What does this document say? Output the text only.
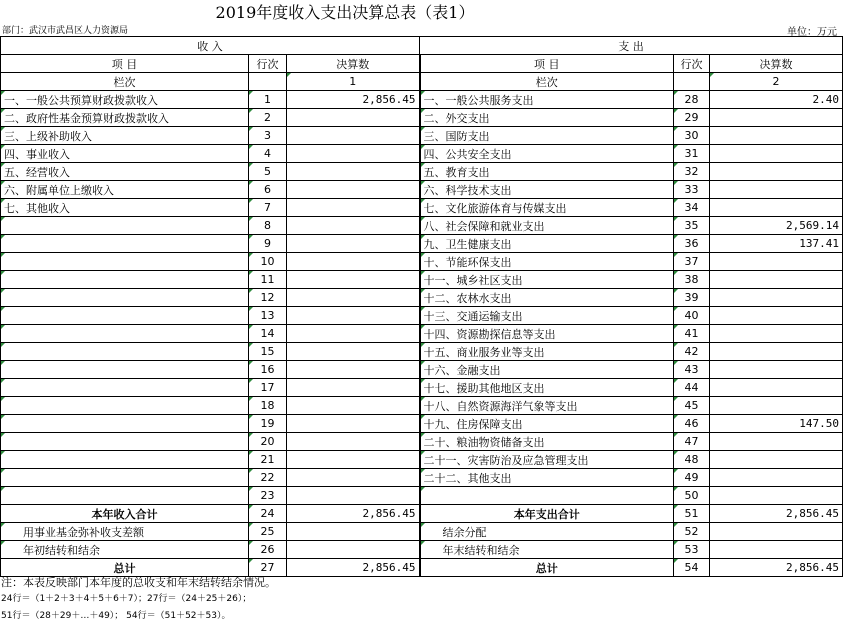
2019年度收入支出决算总表（表1）
部门：武汉市武昌区人力资源局	单位：万元
收 入			支 出		
项 目	行次	决算数	项 目	行次	决算数
栏次		1	栏次		2
一、一般公共预算财政拨款收入	1	2,856.45	一、一般公共服务支出	28	2.40
二、政府性基金预算财政拨款收入	2		二、外交支出	29	
三、上级补助收入	3		三、国防支出	30	
四、事业收入	4		四、公共安全支出	31	
五、经营收入	5		五、教育支出	32	
六、附属单位上缴收入	6		六、科学技术支出	33	
七、其他收入	7		七、文化旅游体育与传媒支出	34	
	8		八、社会保障和就业支出	35	2,569.14
	9		九、卫生健康支出	36	137.41
	10		十、节能环保支出	37	
	11		十一、城乡社区支出	38	
	12		十二、农林水支出	39	
	13		十三、交通运输支出	40	
	14		十四、资源勘探信息等支出	41	
	15		十五、商业服务业等支出	42	
	16		十六、金融支出	43	
	17		十七、援助其他地区支出	44	
	18		十八、自然资源海洋气象等支出	45	
	19		十九、住房保障支出	46	147.50
	20		二十、粮油物资储备支出	47	
	21		二十一、灾害防治及应急管理支出	48	
	22		二十二、其他支出	49	
	23			50	
本年收入合计	24	2,856.45	本年支出合计	51	2,856.45
用事业基金弥补收支差额	25		结余分配	52	
年初结转和结余	26		年末结转和结余	53	
总计	27	2,856.45	总计	54	2,856.45
注：本表反映部门本年度的总收支和年末结转结余情况。
24行＝（1＋2＋3＋4＋5＋6＋7）；27行＝（24＋25＋26）；
51行＝（28＋29＋…＋49）； 54行＝（51＋52＋53）。
